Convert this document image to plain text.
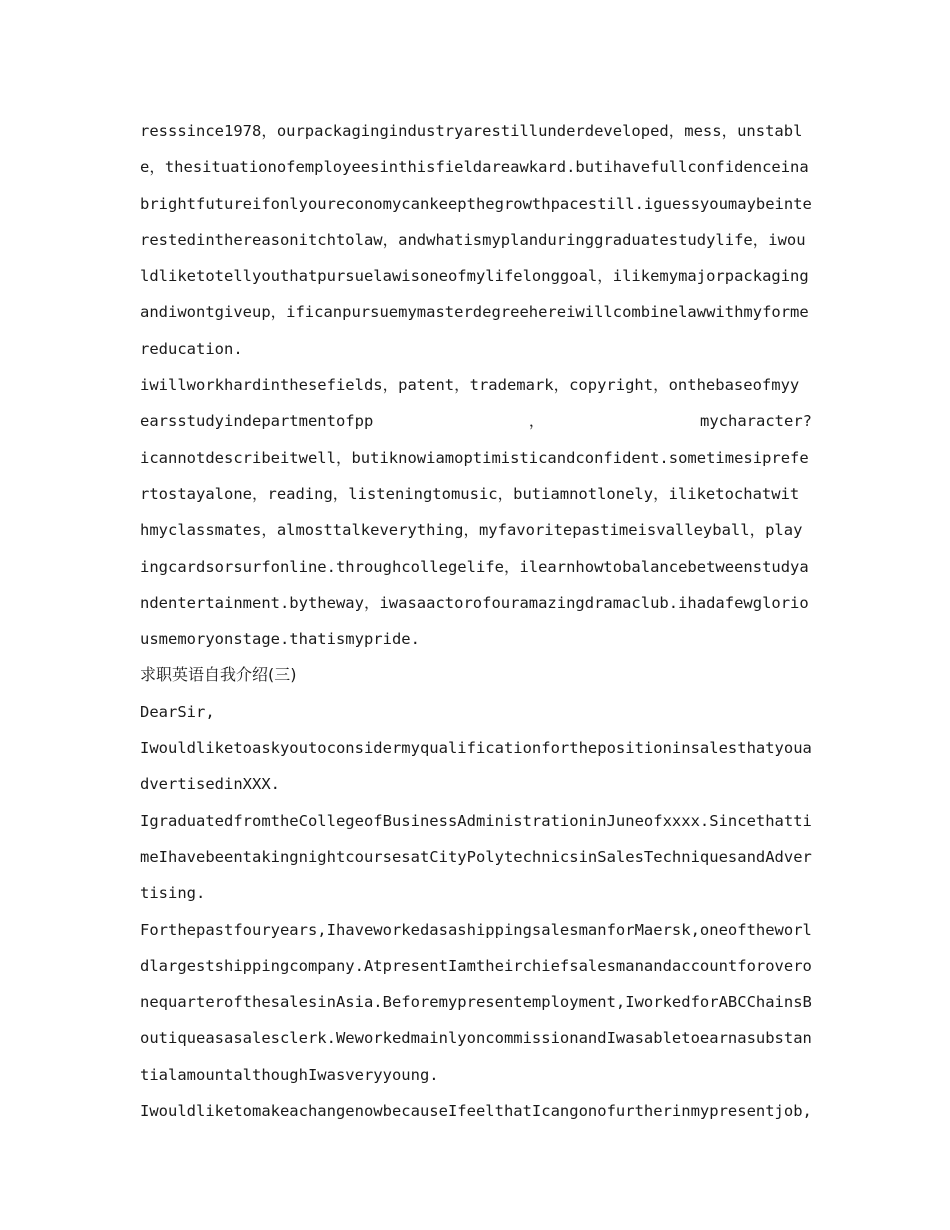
resssince1978，ourpackagingindustryarestillunderdeveloped，mess，unstabl
e，thesituationofemployeesinthisfieldareawkard.butihavefullconfidenceina
brightfutureifonlyoureconomycankeepthegrowthpacestill.iguessyoumaybeinte
restedinthereasonitchtolaw，andwhatismyplanduringgraduatestudylife，iwou
ldliketotellyouthatpursuelawisoneofmylifelonggoal，ilikemymajorpackaging
andiwontgiveup，ificanpursuemymasterdegreehereiwillcombinelawwithmyforme
reducation.
iwillworkhardinthesefields，patent，trademark，copyright，onthebaseofmyy
earsstudyindepartmentofpp	，	mycharacter?
icannotdescribeitwell，butiknowiamoptimisticandconfident.sometimesiprefe
rtostayalone，reading，listeningtomusic，butiamnotlonely，iliketochatwit
hmyclassmates，almosttalkeverything，myfavoritepastimeisvalleyball，play
ingcardsorsurfonline.throughcollegelife，ilearnhowtobalancebetweenstudya
ndentertainment.bytheway，iwasaactorofouramazingdramaclub.ihadafewglorio
usmemoryonstage.thatismypride.
求职英语自我介绍(三)
DearSir,
Iwouldliketoaskyoutoconsidermyqualificationforthepositioninsalesthatyoua
dvertisedinXXX.
IgraduatedfromtheCollegeofBusinessAdministrationinJuneofxxxx.Sincethatti
meIhavebeentakingnightcoursesatCityPolytechnicsinSalesTechniquesandAdver
tising.
Forthepastfouryears,IhaveworkedasashippingsalesmanforMaersk,oneoftheworl
dlargestshippingcompany.AtpresentIamtheirchiefsalesmanandaccountforovero
nequarterofthesalesinAsia.Beforemypresentemployment,IworkedforABCChainsB
outiqueasasalesclerk.WeworkedmainlyoncommissionandIwasabletoearnasubstan
tialamountalthoughIwasveryyoung.
IwouldliketomakeachangenowbecauseIfeelthatIcangonofurtherinmypresentjob,
